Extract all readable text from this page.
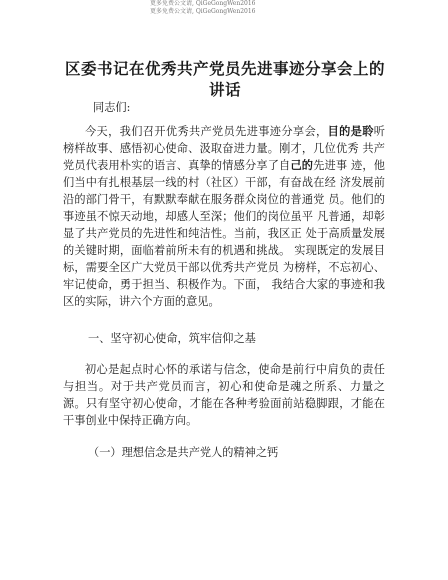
更多免费公文请, QiGeGongWen2016
更多免费公文请, QiGeGongWen2016
区委书记在优秀共产党员先进事迹分享会上的讲话
同志们:
今天，我们召开优秀共产党员先进事迹分享会，目的是聆听榜样故事、感悟初心使命、汲取奋进力量。刚才，几位优秀 共产党员代表用朴实的语言、真挚的情感分享了自己的先进事 迹，他们当中有扎根基层一线的村（社区）干部，有奋战在经 济发展前沿的部门骨干，有默默奉献在服务群众岗位的普通党 员。他们的事迹虽不惊天动地，却感人至深；他们的岗位虽平 凡普通，却彰显了共产党员的先进性和纯洁性。当前，我区正 处于高质量发展的关键时期，面临着前所未有的机遇和挑战。 实现既定的发展目标，需要全区广大党员干部以优秀共产党员 为榜样，不忘初心、牢记使命，勇于担当、积极作为。下面， 我结合大家的事迹和我区的实际，讲六个方面的意见。
一、坚守初心使命，筑牢信仰之基
初心是起点时心怀的承诺与信念，使命是前行中肩负的责任与担当。对于共产党员而言，初心和使命是魂之所系、力量之源。只有坚守初心使命，才能在各种考验面前站稳脚跟，才能在干事创业中保持正确方向。
（一）理想信念是共产党人的精神之钙
